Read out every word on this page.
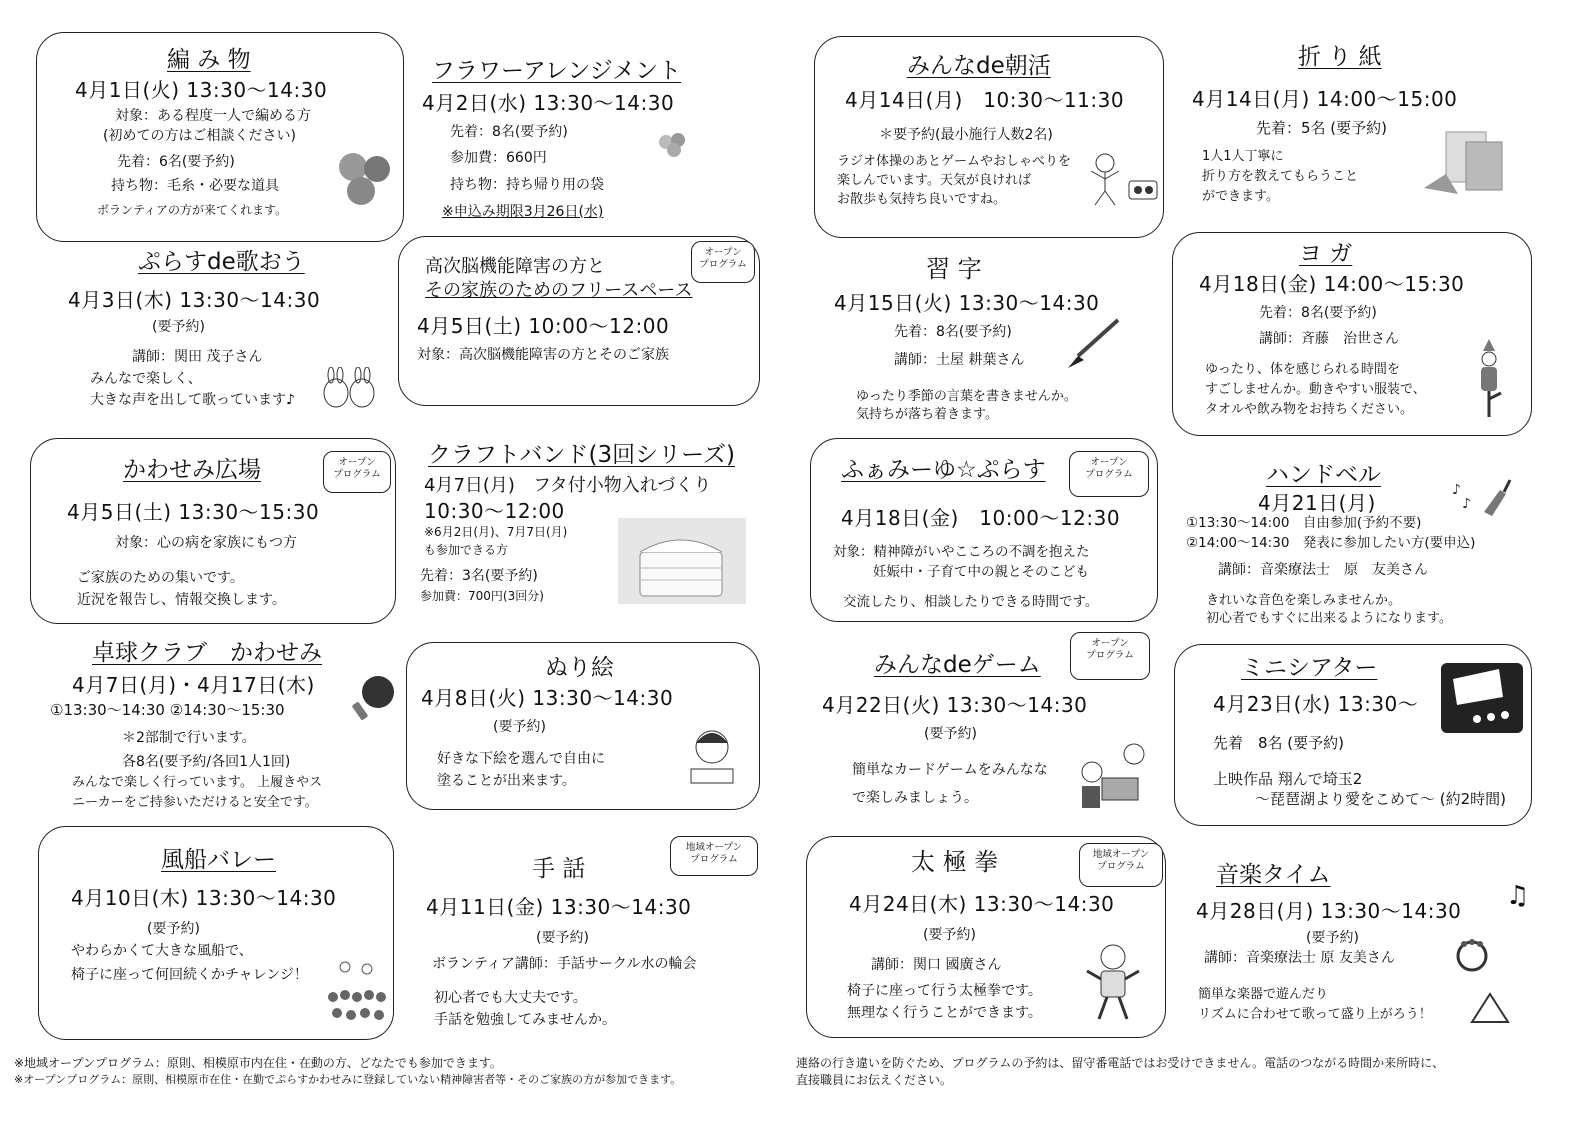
編 み 物
4月1日(火) 13:30〜14:30
対象：ある程度一人で編める方
(初めての方はご相談ください)
先着：6名(要予約)
持ち物：毛糸・必要な道具
ボランティアの方が来てくれます。
フラワーアレンジメント
4月2日(水) 13:30〜14:30
先着：8名(要予約)
参加費：660円
持ち物：持ち帰り用の袋
※申込み期限3月26日(水)
ぷらすde歌おう
4月3日(木) 13:30〜14:30
(要予約)
講師：関田 茂子さん
みんなで楽しく、
大きな声を出して歌っています♪
高次脳機能障害の方と
その家族のためのフリースペース
オープン
プログラム
4月5日(土) 10:00〜12:00
対象：高次脳機能障害の方とそのご家族
かわせみ広場	オープン
プログラム
4月5日(土) 13:30〜15:30
対象：心の病を家族にもつ方
ご家族のための集いです。
近況を報告し、情報交換します。
クラフトバンド(3回シリーズ)
4月7日(月)　フタ付小物入れづくり
10:30〜12:00
※6月2日(月)、7月7日(月)
も参加できる方
先着：3名(要予約)
参加費：700円(3回分)
卓球クラブ　かわせみ
4月7日(月)・4月17日(木)
①13:30〜14:30 ②14:30〜15:30
＊2部制で行います。
各8名(要予約/各回1人1回)
みんなで楽しく行っています。 上履きやス
ニーカーをご持参いただけると安全です。
ぬり絵
4月8日(火) 13:30〜14:30
(要予約)
好きな下絵を選んで自由に
塗ることが出来ます。
風船バレー
4月10日(木) 13:30〜14:30
(要予約)
やわらかくて大きな風船で、
椅子に座って何回続くかチャレンジ！
手 話
地域オープン
プログラム
4月11日(金) 13:30〜14:30
(要予約)
ボランティア講師：手話サークル水の輪会
初心者でも大丈夫です。
手話を勉強してみませんか。
みんなde朝活
4月14日(月)　10:30〜11:30
＊要予約(最小施行人数2名)
ラジオ体操のあとゲームやおしゃべりを
楽しんでいます。天気が良ければ
お散歩も気持ち良いですね。
折 り 紙
4月14日(月) 14:00〜15:00
先着：5名 (要予約)
1人1人丁寧に
折り方を教えてもらうこと
ができます。
習 字
4月15日(火) 13:30〜14:30
先着：8名(要予約)
講師：土屋 耕葉さん
ゆったり季節の言葉を書きませんか。
気持ちが落ち着きます。
ヨ ガ
4月18日(金) 14:00〜15:30
先着：8名(要予約)
講師：斉藤　治世さん
ゆったり、体を感じられる時間を
すごしませんか。動きやすい服装で、
タオルや飲み物をお持ちください。
ふぁみーゆ☆ぷらす	オープン
プログラム
4月18日(金)　10:00〜12:30
対象：精神障がいやこころの不調を抱えた
妊娠中・子育て中の親とそのこども
交流したり、相談したりできる時間です。
ハンドベル
4月21日(月)
①13:30〜14:00　自由参加(予約不要)
②14:00〜14:30　発表に参加したい方(要申込)
講師：音楽療法士　原　友美さん
きれいな音色を楽しみませんか。
初心者でもすぐに出来るようになります。
♪
♪
みんなdeゲーム
オープン
プログラム
4月22日(火) 13:30〜14:30
(要予約)
簡単なカードゲームをみんなな
で楽しみましょう。
ミニシアター
4月23日(水) 13:30〜
先着　8名 (要予約)
上映作品 翔んで埼玉2
〜琵琶湖より愛をこめて〜 (約2時間)
太 極 拳	地域オープン
プログラム
4月24日(木) 13:30〜14:30
(要予約)
講師：関口 國廣さん
椅子に座って行う太極拳です。
無理なく行うことができます。
音楽タイム
4月28日(月) 13:30〜14:30
(要予約)
講師：音楽療法士 原 友美さん
簡単な楽器で遊んだり
リズムに合わせて歌って盛り上がろう！
♫
※地域オープンプログラム：原則、相模原市内在住・在動の方、どなたでも参加できます。
※オープンプログラム：原則、相模原市在住・在勤でぷらすかわせみに登録していない精神障害者等・そのご家族の方が参加できます。
連絡の行き違いを防ぐため、プログラムの予約は、留守番電話ではお受けできません。電話のつながる時間か来所時に、
直接職員にお伝えください。
